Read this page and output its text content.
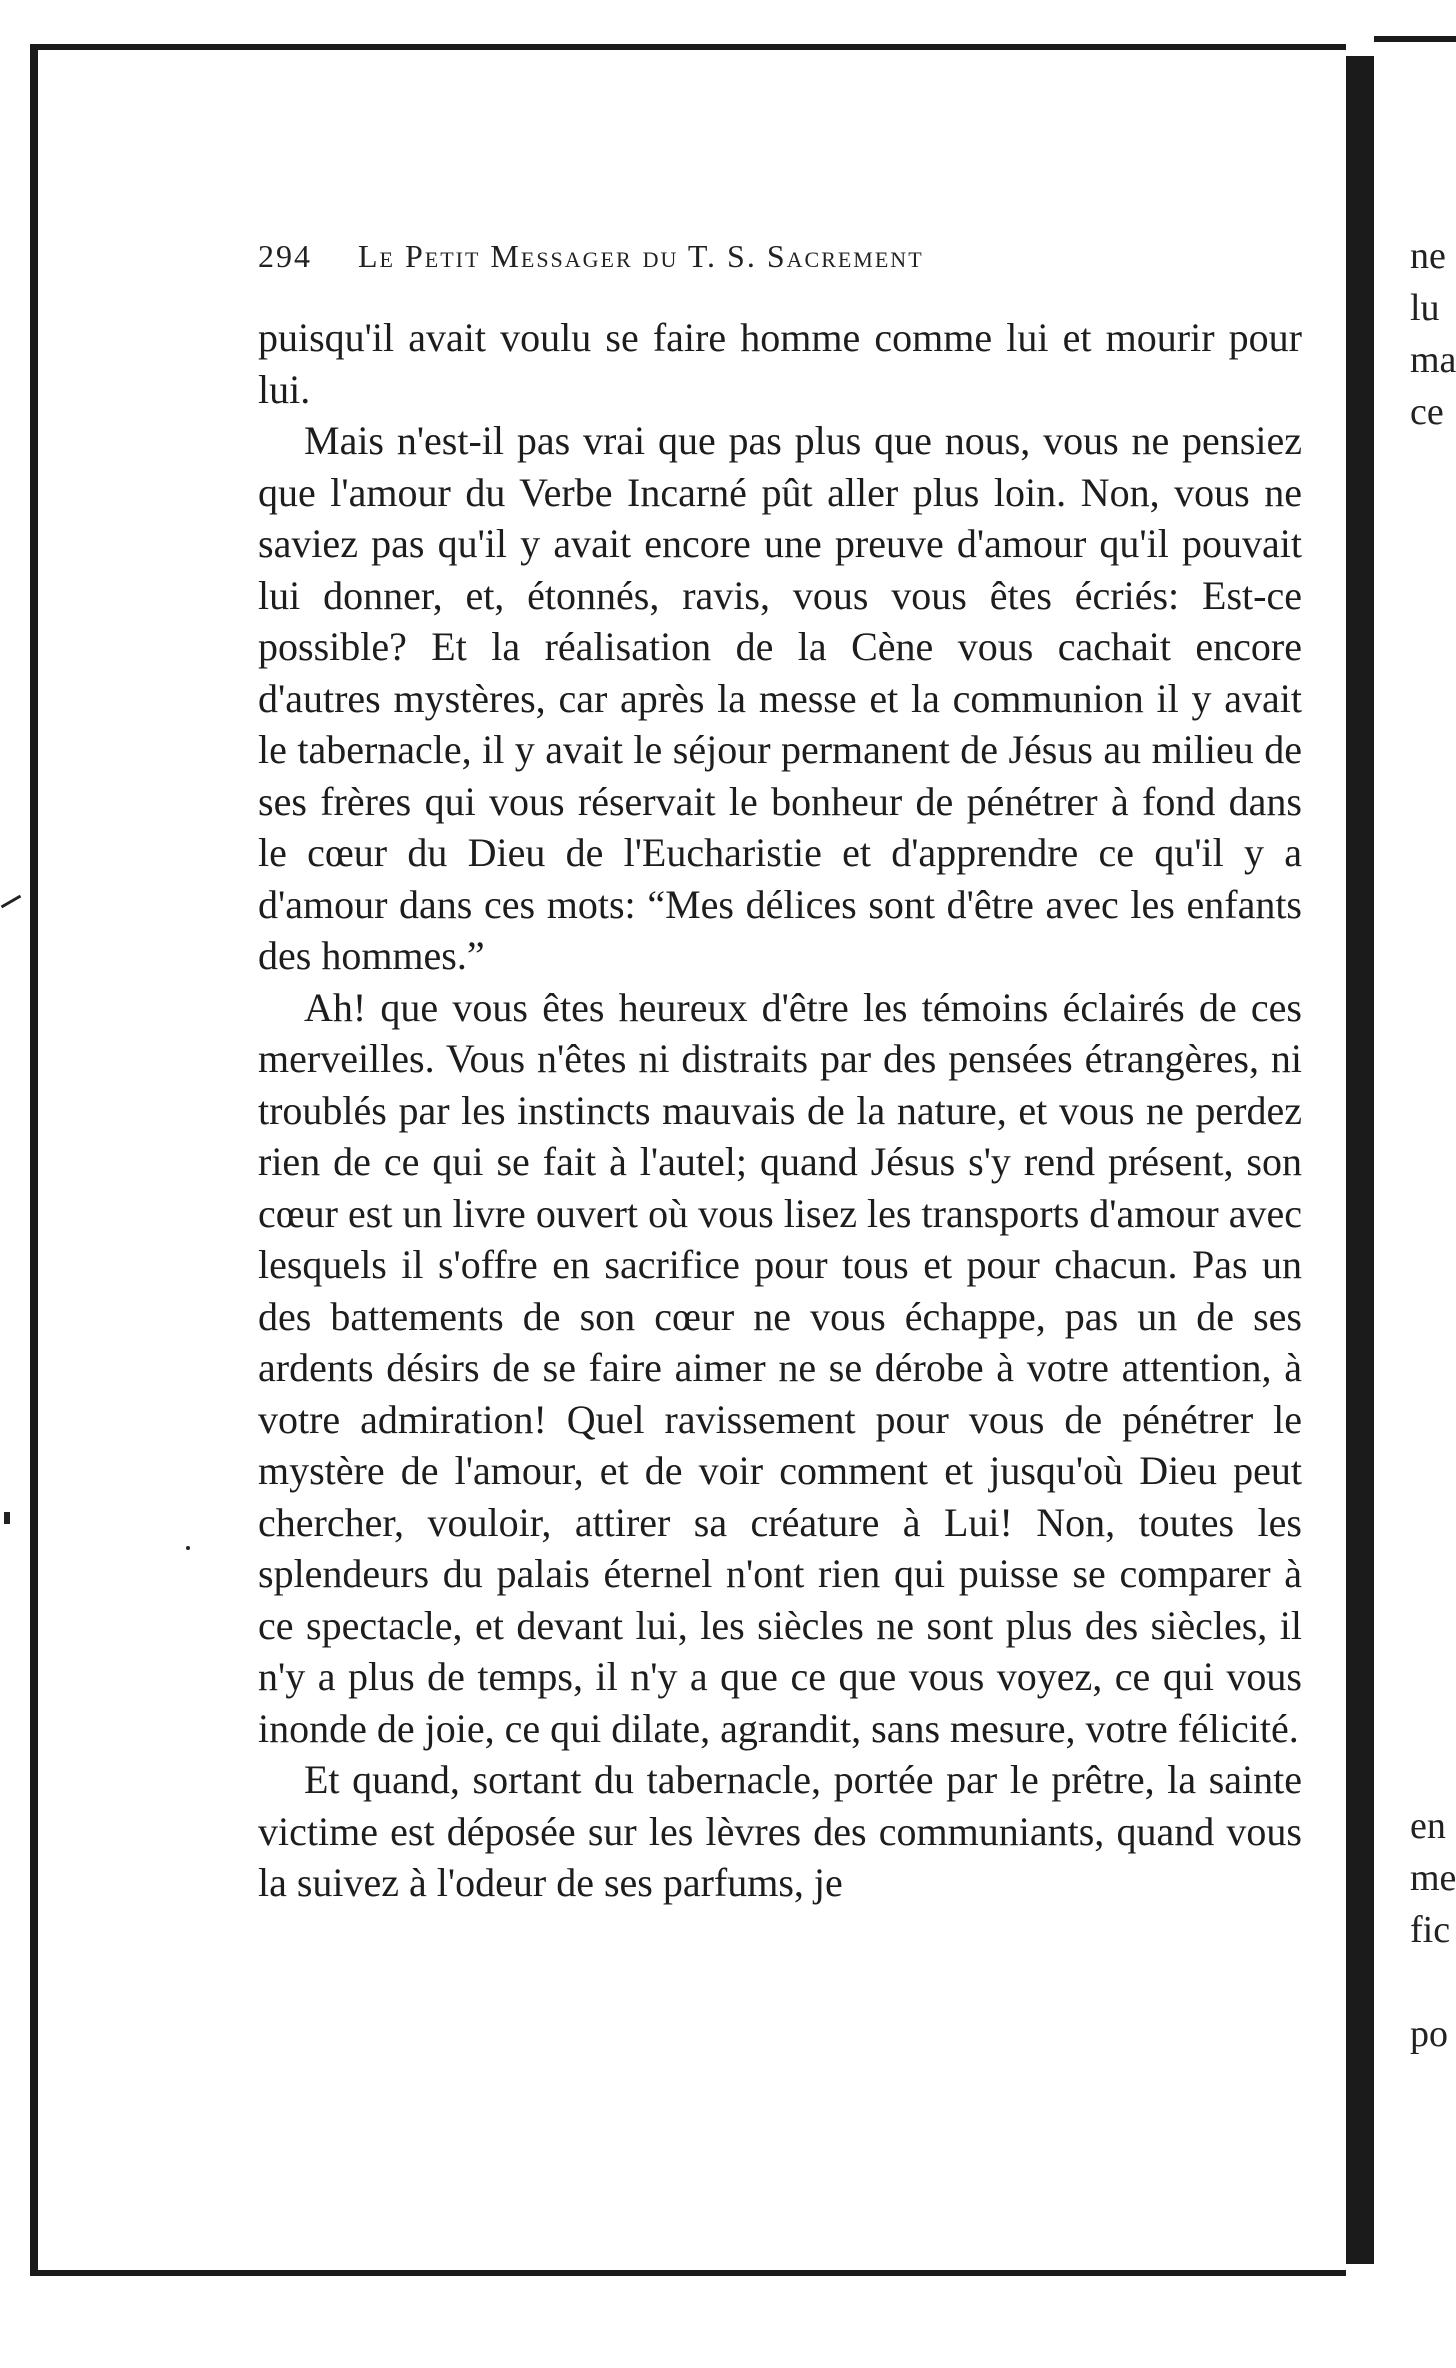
ne
lu
ma
ce
en
me
fic
po
294 Le Petit Messager du T. S. Sacrement

puisqu'il avait voulu se faire homme comme lui et mourir pour lui.

Mais n'est-il pas vrai que pas plus que nous, vous ne pensiez que l'amour du Verbe Incarné pût aller plus loin. Non, vous ne saviez pas qu'il y avait encore une preuve d'amour qu'il pouvait lui donner, et, étonnés, ravis, vous vous êtes écriés: Est-ce possible? Et la réalisation de la Cène vous cachait encore d'autres mystères, car après la messe et la communion il y avait le tabernacle, il y avait le séjour permanent de Jésus au milieu de ses frères qui vous réservait le bonheur de pénétrer à fond dans le cœur du Dieu de l'Eucharistie et d'apprendre ce qu'il y a d'amour dans ces mots: “Mes délices sont d'être avec les enfants des hommes.”

Ah! que vous êtes heureux d'être les témoins éclairés de ces merveilles. Vous n'êtes ni distraits par des pensées étrangères, ni troublés par les instincts mauvais de la nature, et vous ne perdez rien de ce qui se fait à l'autel; quand Jésus s'y rend présent, son cœur est un livre ouvert où vous lisez les transports d'amour avec lesquels il s'offre en sacrifice pour tous et pour chacun. Pas un des battements de son cœur ne vous échappe, pas un de ses ardents désirs de se faire aimer ne se dérobe à votre attention, à votre admiration! Quel ravissement pour vous de pénétrer le mystère de l'amour, et de voir comment et jusqu'où Dieu peut chercher, vouloir, attirer sa créature à Lui! Non, toutes les splendeurs du palais éternel n'ont rien qui puisse se comparer à ce spectacle, et devant lui, les siècles ne sont plus des siècles, il n'y a plus de temps, il n'y a que ce que vous voyez, ce qui vous inonde de joie, ce qui dilate, agrandit, sans mesure, votre félicité.

Et quand, sortant du tabernacle, portée par le prêtre, la sainte victime est déposée sur les lèvres des communiants, quand vous la suivez à l'odeur de ses parfums, je
